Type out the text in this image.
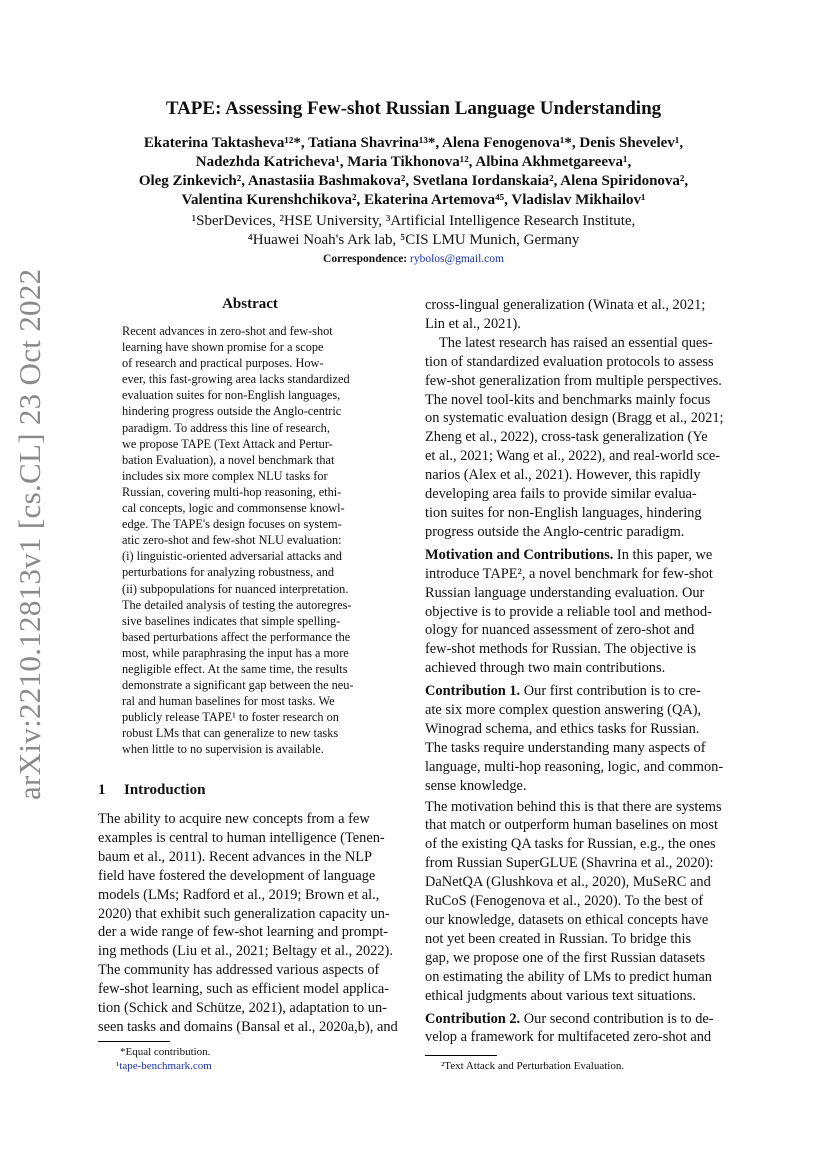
arXiv:2210.12813v1 [cs.CL] 23 Oct 2022
TAPE: Assessing Few-shot Russian Language Understanding
Ekaterina Taktasheva¹²*, Tatiana Shavrina¹³*, Alena Fenogenova¹*, Denis Shevelev¹,
Nadezhda Katricheva¹, Maria Tikhonova¹², Albina Akhmetgareeva¹,
Oleg Zinkevich², Anastasiia Bashmakova², Svetlana Iordanskaia², Alena Spiridonova²,
Valentina Kurenshchikova², Ekaterina Artemova⁴⁵, Vladislav Mikhailov¹
¹SberDevices, ²HSE University, ³Artificial Intelligence Research Institute,
⁴Huawei Noah's Ark lab, ⁵CIS LMU Munich, Germany
Correspondence: rybolos@gmail.com
Abstract
Recent advances in zero-shot and few-shot
learning have shown promise for a scope
of research and practical purposes. How-
ever, this fast-growing area lacks standardized
evaluation suites for non-English languages,
hindering progress outside the Anglo-centric
paradigm. To address this line of research,
we propose TAPE (Text Attack and Pertur-
bation Evaluation), a novel benchmark that
includes six more complex NLU tasks for
Russian, covering multi-hop reasoning, ethi-
cal concepts, logic and commonsense knowl-
edge. The TAPE's design focuses on system-
atic zero-shot and few-shot NLU evaluation:
(i) linguistic-oriented adversarial attacks and
perturbations for analyzing robustness, and
(ii) subpopulations for nuanced interpretation.
The detailed analysis of testing the autoregres-
sive baselines indicates that simple spelling-
based perturbations affect the performance the
most, while paraphrasing the input has a more
negligible effect. At the same time, the results
demonstrate a significant gap between the neu-
ral and human baselines for most tasks. We
publicly release TAPE¹ to foster research on
robust LMs that can generalize to new tasks
when little to no supervision is available.
1 Introduction
The ability to acquire new concepts from a few
examples is central to human intelligence (Tenen-
baum et al., 2011). Recent advances in the NLP
field have fostered the development of language
models (LMs; Radford et al., 2019; Brown et al.,
2020) that exhibit such generalization capacity un-
der a wide range of few-shot learning and prompt-
ing methods (Liu et al., 2021; Beltagy et al., 2022).
The community has addressed various aspects of
few-shot learning, such as efficient model applica-
tion (Schick and Schütze, 2021), adaptation to un-
seen tasks and domains (Bansal et al., 2020a,b), and
*Equal contribution.
¹tape-benchmark.com
cross-lingual generalization (Winata et al., 2021;
Lin et al., 2021).
The latest research has raised an essential ques-
tion of standardized evaluation protocols to assess
few-shot generalization from multiple perspectives.
The novel tool-kits and benchmarks mainly focus
on systematic evaluation design (Bragg et al., 2021;
Zheng et al., 2022), cross-task generalization (Ye
et al., 2021; Wang et al., 2022), and real-world sce-
narios (Alex et al., 2021). However, this rapidly
developing area fails to provide similar evalua-
tion suites for non-English languages, hindering
progress outside the Anglo-centric paradigm.
Motivation and Contributions. In this paper, we
introduce TAPE², a novel benchmark for few-shot
Russian language understanding evaluation. Our
objective is to provide a reliable tool and method-
ology for nuanced assessment of zero-shot and
few-shot methods for Russian. The objective is
achieved through two main contributions.
Contribution 1. Our first contribution is to cre-
ate six more complex question answering (QA),
Winograd schema, and ethics tasks for Russian.
The tasks require understanding many aspects of
language, multi-hop reasoning, logic, and common-
sense knowledge.
The motivation behind this is that there are systems
that match or outperform human baselines on most
of the existing QA tasks for Russian, e.g., the ones
from Russian SuperGLUE (Shavrina et al., 2020):
DaNetQA (Glushkova et al., 2020), MuSeRC and
RuCoS (Fenogenova et al., 2020). To the best of
our knowledge, datasets on ethical concepts have
not yet been created in Russian. To bridge this
gap, we propose one of the first Russian datasets
on estimating the ability of LMs to predict human
ethical judgments about various text situations.
Contribution 2. Our second contribution is to de-
velop a framework for multifaceted zero-shot and
²Text Attack and Perturbation Evaluation.
